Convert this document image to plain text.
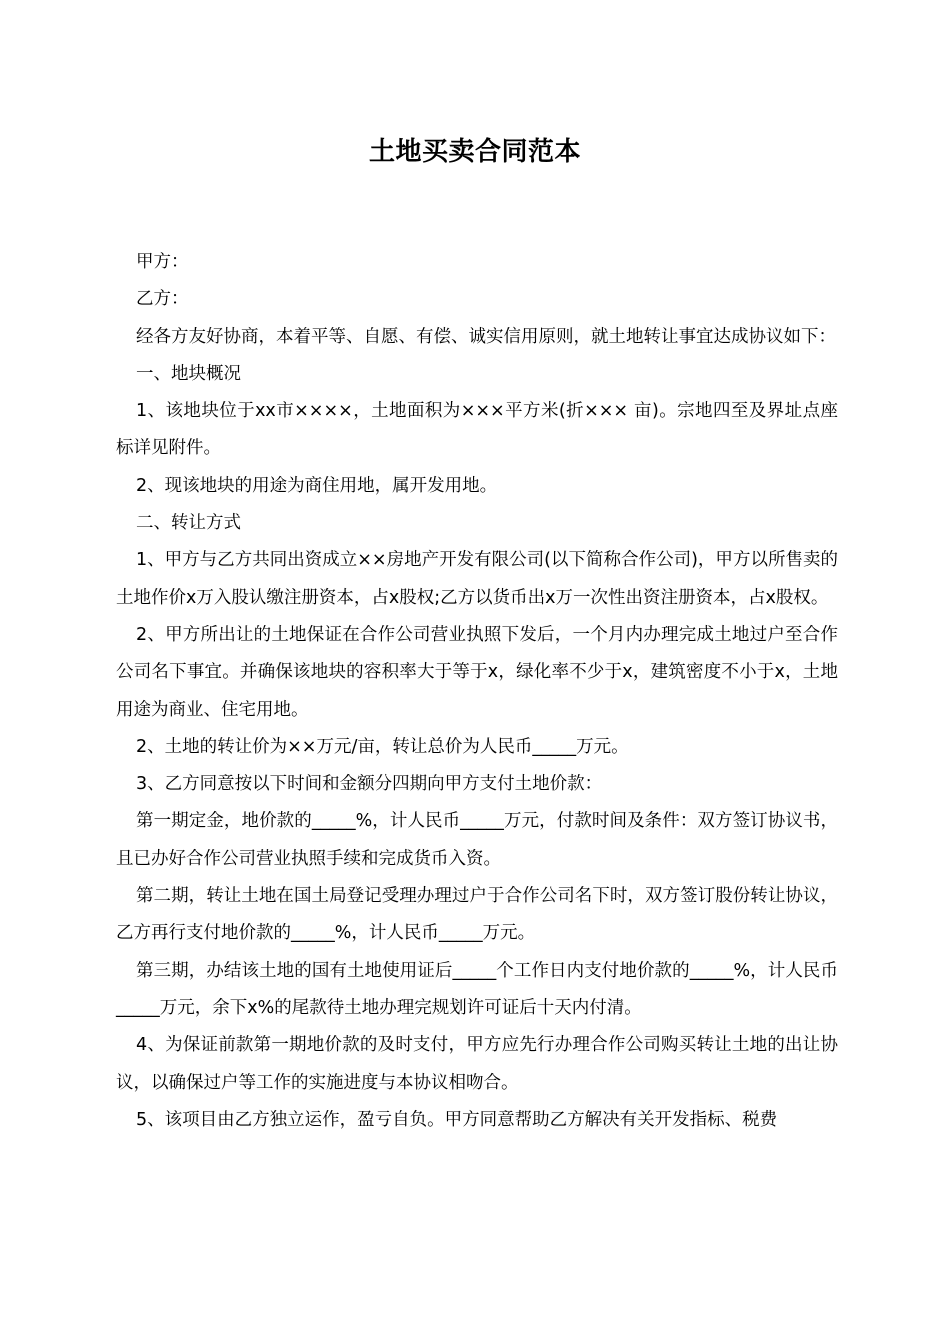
土地买卖合同范本

甲方：

乙方：

经各方友好协商，本着平等、自愿、有偿、诚实信用原则，就土地转让事宜达成协议如下：

一、地块概况

1、该地块位于xx市××××，土地面积为×××平方米(折××× 亩)。宗地四至及界址点座标详见附件。

2、现该地块的用途为商住用地，属开发用地。

二、转让方式

1、甲方与乙方共同出资成立××房地产开发有限公司(以下简称合作公司)，甲方以所售卖的土地作价x万入股认缴注册资本，占x股权;乙方以货币出x万一次性出资注册资本，占x股权。

2、甲方所出让的土地保证在合作公司营业执照下发后，一个月内办理完成土地过户至合作公司名下事宜。并确保该地块的容积率大于等于x，绿化率不少于x，建筑密度不小于x，土地用途为商业、住宅用地。

2、土地的转让价为××万元/亩，转让总价为人民币_____万元。

3、乙方同意按以下时间和金额分四期向甲方支付土地价款：

第一期定金，地价款的_____%，计人民币_____万元，付款时间及条件：双方签订协议书，且已办好合作公司营业执照手续和完成货币入资。

第二期，转让土地在国土局登记受理办理过户于合作公司名下时，双方签订股份转让协议，乙方再行支付地价款的_____%，计人民币_____万元。

第三期，办结该土地的国有土地使用证后_____个工作日内支付地价款的_____%，计人民币_____万元，余下x%的尾款待土地办理完规划许可证后十天内付清。

4、为保证前款第一期地价款的及时支付，甲方应先行办理合作公司购买转让土地的出让协议，以确保过户等工作的实施进度与本协议相吻合。

5、该项目由乙方独立运作，盈亏自负。甲方同意帮助乙方解决有关开发指标、税费
